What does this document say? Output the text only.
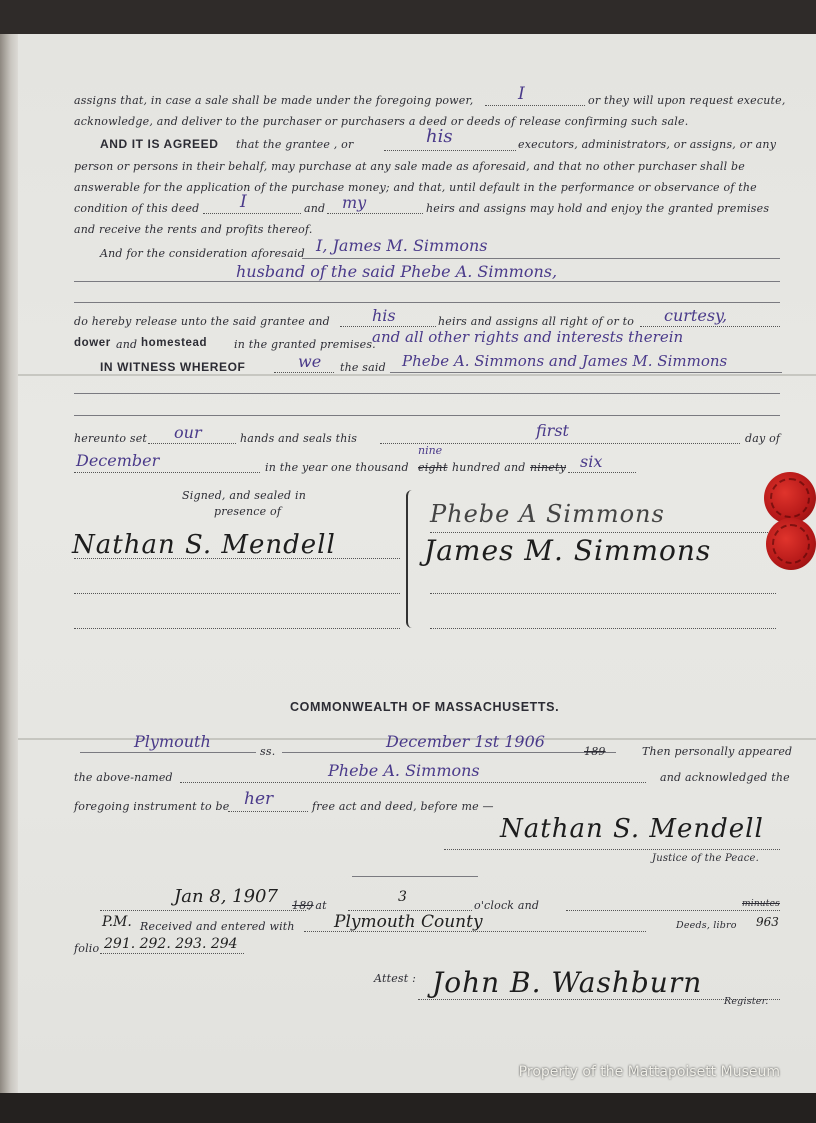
assigns that, in case a sale shall be made under the foregoing power,	I	or they will upon request execute,
acknowledge, and deliver to the purchaser or purchasers a deed or deeds of release confirming such sale.
AND IT IS AGREED that the grantee , or	his	executors, administrators, or assigns, or any
person or persons in their behalf, may purchase at any sale made as aforesaid, and that no other purchaser shall be
answerable for the application of the purchase money; and that, until default in the performance or observance of the
condition of this deed I	and my	heirs and assigns may hold and enjoy the granted premises
and receive the rents and profits thereof.
And for the consideration aforesaid I, James M. Simmons
husband of the said Phebe A. Simmons,
do hereby release unto the said grantee and	his	heirs and assigns all right of or to curtesy,
dower and homestead in the granted premises.
and all other rights and interests therein
IN WITNESS WHEREOF	we the said Phebe A. Simmons and James M. Simmons
hereunto set our	hands and seals this	first	day of
December	in the year one thousand
nine
eight hundred and ninety six
Signed, and sealed in
presence of
Nathan S. Mendell
Phebe A Simmons
James M. Simmons
COMMONWEALTH OF MASSACHUSETTS.
Plymouth
ss.
December 1st 1906
189	Then personally appeared
the above-named	Phebe A. Simmons	and acknowledged the
foregoing instrument to be her	free act and deed, before me —
Nathan S. Mendell
Justice of the Peace.
Jan 8, 1907 189
, at
3
o'clock and	minutes
P.M. Received and entered with Plymouth County	Deeds, libro 963
folio 291. 292. 293. 294
Attest : John B. Washburn
Register.
Property of the Mattapoisett Museum
